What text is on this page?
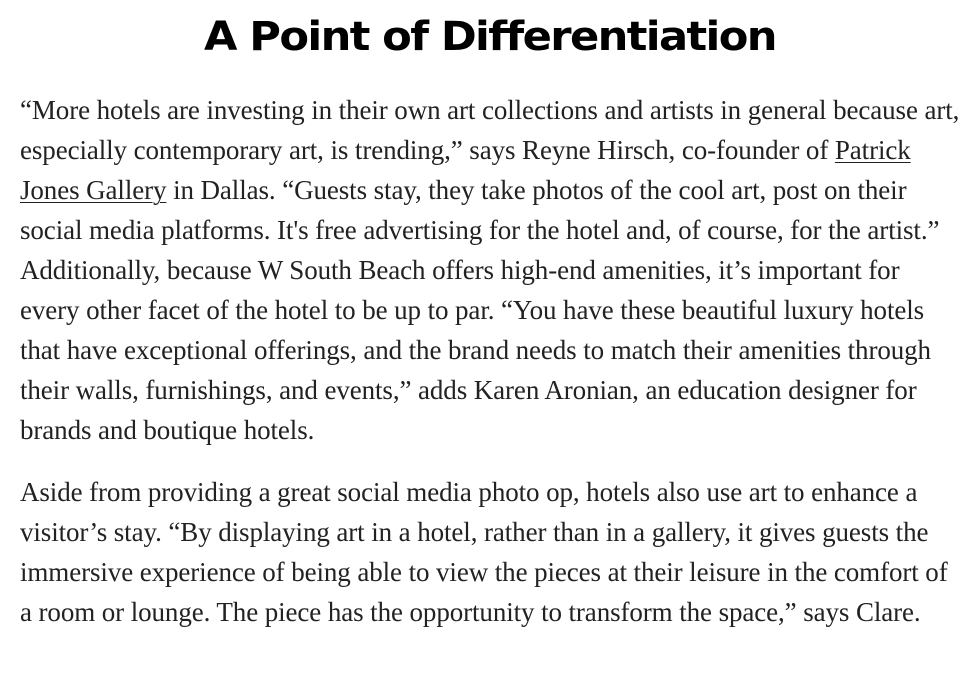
A Point of Differentiation

“More hotels are investing in their own art collections and artists in general because art, especially contemporary art, is trending,” says Reyne Hirsch, co-founder of Patrick Jones Gallery in Dallas. “Guests stay, they take photos of the cool art, post on their social media platforms. It's free advertising for the hotel and, of course, for the artist.” Additionally, because W South Beach offers high-end amenities, it’s important for every other facet of the hotel to be up to par. “You have these beautiful luxury hotels that have exceptional offerings, and the brand needs to match their amenities through their walls, furnishings, and events,” adds Karen Aronian, an education designer for brands and boutique hotels.

Aside from providing a great social media photo op, hotels also use art to enhance a visitor’s stay. “By displaying art in a hotel, rather than in a gallery, it gives guests the immersive experience of being able to view the pieces at their leisure in the comfort of a room or lounge. The piece has the opportunity to transform the space,” says Clare.
